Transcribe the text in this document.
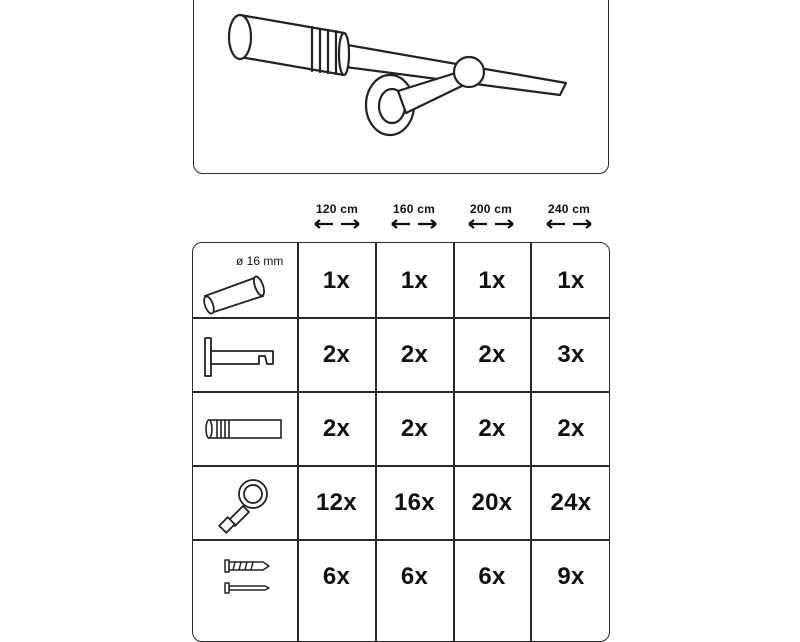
120 cm	160 cm	200 cm	240 cm
ø 16 mm
1x 1x 1x 1x
2x 2x 2x 3x
2x 2x 2x 2x
12x 16x 20x 24x
6x 6x 6x 9x
